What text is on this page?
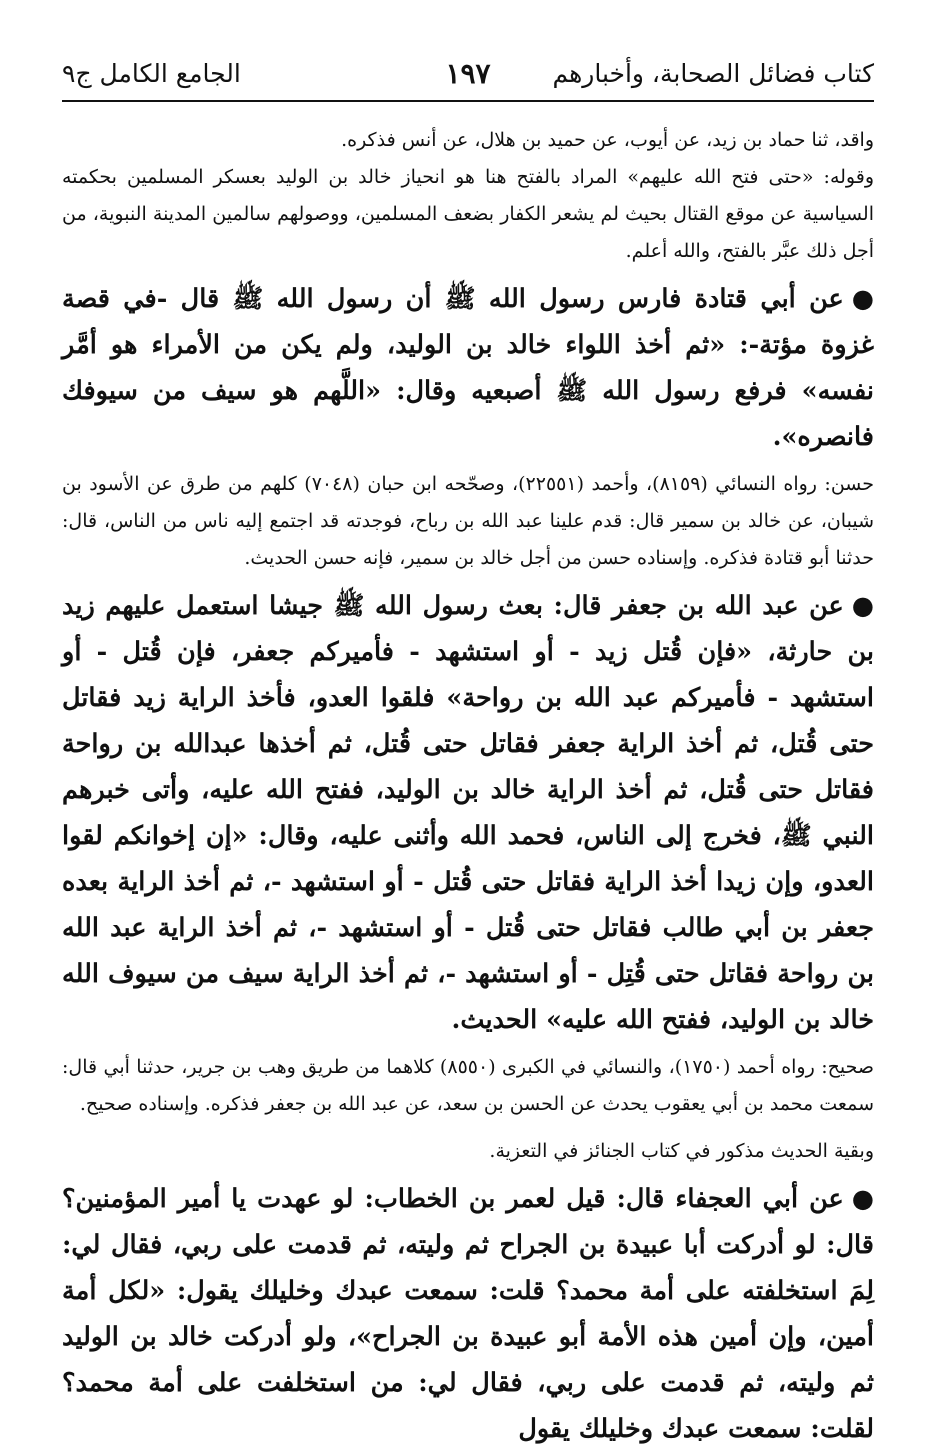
كتاب فضائل الصحابة، وأخبارهم
١٩٧
الجامع الكامل ج٩

واقد، ثنا حماد بن زيد، عن أيوب، عن حميد بن هلال، عن أنس فذكره.

وقوله: «حتى فتح الله عليهم» المراد بالفتح هنا هو انحياز خالد بن الوليد بعسكر المسلمين بحكمته السياسية عن موقع القتال بحيث لم يشعر الكفار بضعف المسلمين، ووصولهم سالمين المدينة النبوية، من أجل ذلك عبَّر بالفتح، والله أعلم.

●عن أبي قتادة فارس رسول الله ﷺ أن رسول الله ﷺ قال -في قصة غزوة مؤتة-: «ثم أخذ اللواء خالد بن الوليد، ولم يكن من الأمراء هو أمَّر نفسه» فرفع رسول الله ﷺ أصبعيه وقال: «اللَّهم هو سيف من سيوفك فانصره».

حسن: رواه النسائي (٨١٥٩)، وأحمد (٢٢٥٥١)، وصحّحه ابن حبان (٧٠٤٨) كلهم من طرق عن الأسود بن شيبان، عن خالد بن سمير قال: قدم علينا عبد الله بن رباح، فوجدته قد اجتمع إليه ناس من الناس، قال: حدثنا أبو قتادة فذكره. وإسناده حسن من أجل خالد بن سمير، فإنه حسن الحديث.

●عن عبد الله بن جعفر قال: بعث رسول الله ﷺ جيشا استعمل عليهم زيد بن حارثة، «فإن قُتل زيد - أو استشهد - فأميركم جعفر، فإن قُتل - أو استشهد - فأميركم عبد الله بن رواحة» فلقوا العدو، فأخذ الراية زيد فقاتل حتى قُتل، ثم أخذ الراية جعفر فقاتل حتى قُتل، ثم أخذها عبدالله بن رواحة فقاتل حتى قُتل، ثم أخذ الراية خالد بن الوليد، ففتح الله عليه، وأتى خبرهم النبي ﷺ، فخرج إلى الناس، فحمد الله وأثنى عليه، وقال: «إن إخوانكم لقوا العدو، وإن زيدا أخذ الراية فقاتل حتى قُتل - أو استشهد -، ثم أخذ الراية بعده جعفر بن أبي طالب فقاتل حتى قُتل - أو استشهد -، ثم أخذ الراية عبد الله بن رواحة فقاتل حتى قُتِل - أو استشهد -، ثم أخذ الراية سيف من سيوف الله خالد بن الوليد، ففتح الله عليه» الحديث.

صحيح: رواه أحمد (١٧٥٠)، والنسائي في الكبرى (٨٥٥٠) كلاهما من طريق وهب بن جرير، حدثنا أبي قال: سمعت محمد بن أبي يعقوب يحدث عن الحسن بن سعد، عن عبد الله بن جعفر فذكره. وإسناده صحيح.

وبقية الحديث مذكور في كتاب الجنائز في التعزية.

●عن أبي العجفاء قال: قيل لعمر بن الخطاب: لو عهدت يا أمير المؤمنين؟ قال: لو أدركت أبا عبيدة بن الجراح ثم وليته، ثم قدمت على ربي، فقال لي: لِمَ استخلفته على أمة محمد؟ قلت: سمعت عبدك وخليلك يقول: «لكل أمة أمين، وإن أمين هذه الأمة أبو عبيدة بن الجراح»، ولو أدركت خالد بن الوليد ثم وليته، ثم قدمت على ربي، فقال لي: من استخلفت على أمة محمد؟ لقلت: سمعت عبدك وخليلك يقول
